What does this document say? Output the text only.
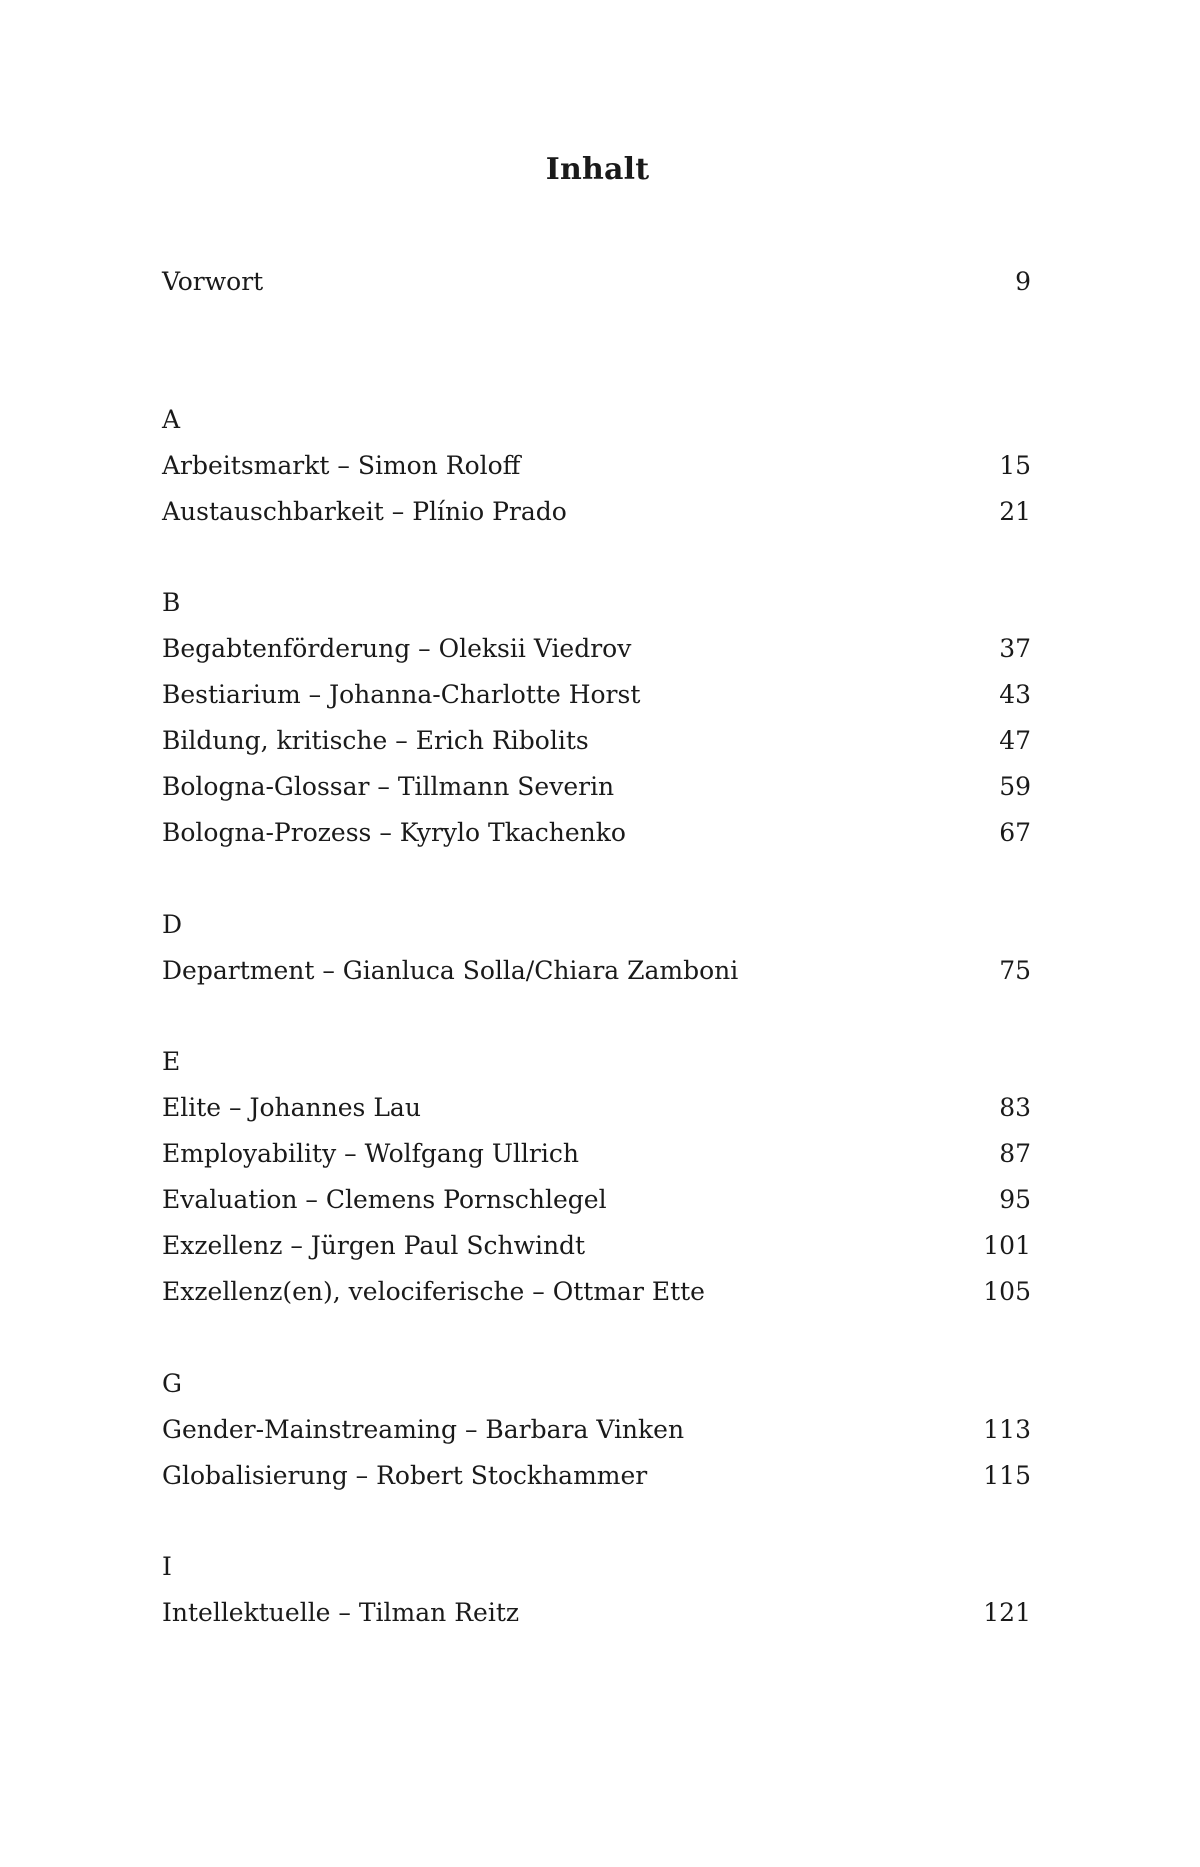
Inhalt
Vorwort	9
A
Arbeitsmarkt – Simon Roloff	15
Austauschbarkeit – Plínio Prado	21
B
Begabtenförderung – Oleksii Viedrov	37
Bestiarium – Johanna-Charlotte Horst	43
Bildung, kritische – Erich Ribolits	47
Bologna-Glossar – Tillmann Severin	59
Bologna-Prozess – Kyrylo Tkachenko	67
D
Department – Gianluca Solla/Chiara Zamboni	75
E
Elite – Johannes Lau	83
Employability – Wolfgang Ullrich	87
Evaluation – Clemens Pornschlegel	95
Exzellenz – Jürgen Paul Schwindt	101
Exzellenz(en), velociferische – Ottmar Ette	105
G
Gender-Mainstreaming – Barbara Vinken	113
Globalisierung – Robert Stockhammer	115
I
Intellektuelle – Tilman Reitz	121
